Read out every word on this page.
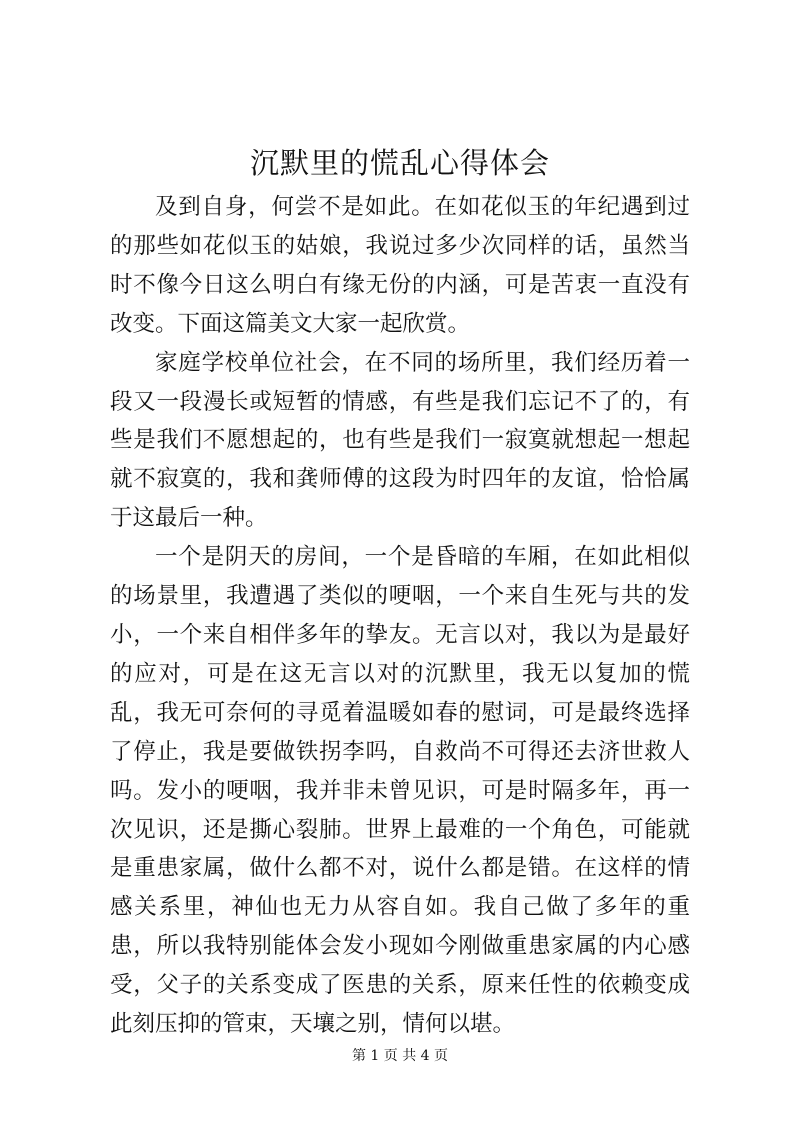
沉默里的慌乱心得体会

及到自身，何尝不是如此。在如花似玉的年纪遇到过的那些如花似玉的姑娘，我说过多少次同样的话，虽然当时不像今日这么明白有缘无份的内涵，可是苦衷一直没有改变。下面这篇美文大家一起欣赏。

家庭学校单位社会，在不同的场所里，我们经历着一段又一段漫长或短暂的情感，有些是我们忘记不了的，有些是我们不愿想起的，也有些是我们一寂寞就想起一想起就不寂寞的，我和龚师傅的这段为时四年的友谊，恰恰属于这最后一种。

一个是阴天的房间，一个是昏暗的车厢，在如此相似的场景里，我遭遇了类似的哽咽，一个来自生死与共的发小，一个来自相伴多年的挚友。无言以对，我以为是最好的应对，可是在这无言以对的沉默里，我无以复加的慌乱，我无可奈何的寻觅着温暖如春的慰词，可是最终选择了停止，我是要做铁拐李吗，自救尚不可得还去济世救人吗。发小的哽咽，我并非未曾见识，可是时隔多年，再一次见识，还是撕心裂肺。世界上最难的一个角色，可能就是重患家属，做什么都不对，说什么都是错。在这样的情感关系里，神仙也无力从容自如。我自己做了多年的重患，所以我特别能体会发小现如今刚做重患家属的内心感受，父子的关系变成了医患的关系，原来任性的依赖变成此刻压抑的管束，天壤之别，情何以堪。

第 1 页 共 4 页
